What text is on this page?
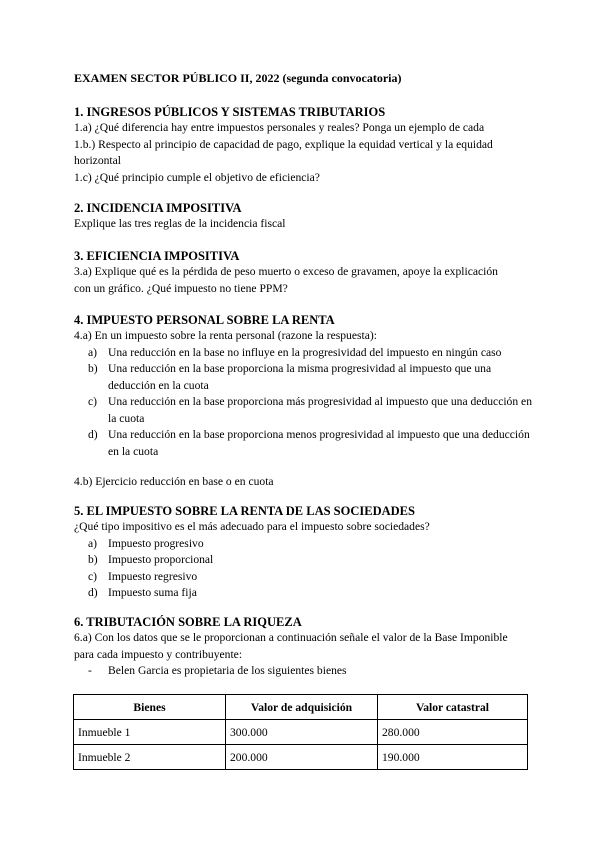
EXAMEN SECTOR PÚBLICO II, 2022 (segunda convocatoria)

1. INGRESOS PÚBLICOS Y SISTEMAS TRIBUTARIOS

1.a) ¿Qué diferencia hay entre impuestos personales y reales? Ponga un ejemplo de cada

1.b.) Respecto al principio de capacidad de pago, explique la equidad vertical y la equidad

horizontal

1.c) ¿Qué principio cumple el objetivo de eficiencia?

2. INCIDENCIA IMPOSITIVA

Explique las tres reglas de la incidencia fiscal

3. EFICIENCIA IMPOSITIVA

3.a) Explique qué es la pérdida de peso muerto o exceso de gravamen, apoye la explicación

con un gráfico. ¿Qué impuesto no tiene PPM?

4. IMPUESTO PERSONAL SOBRE LA RENTA

4.a) En un impuesto sobre la renta personal (razone la respuesta):

a) Una reducción en la base no influye en la progresividad del impuesto en ningún caso
b) Una reducción en la base proporciona la misma progresividad al impuesto que una deducción en la cuota
c) Una reducción en la base proporciona más progresividad al impuesto que una deducción en la cuota
d) Una reducción en la base proporciona menos progresividad al impuesto que una deducción en la cuota

4.b) Ejercicio reducción en base o en cuota

5. EL IMPUESTO SOBRE LA RENTA DE LAS SOCIEDADES

¿Qué tipo impositivo es el más adecuado para el impuesto sobre sociedades?

a) Impuesto progresivo
b) Impuesto proporcional
c) Impuesto regresivo
d) Impuesto suma fija

6. TRIBUTACIÓN SOBRE LA RIQUEZA

6.a) Con los datos que se le proporcionan a continuación señale el valor de la Base Imponible

para cada impuesto y contribuyente:

- Belen Garcia es propietaria de los siguientes bienes
Bienes	Valor de adquisición	Valor catastral
Inmueble 1	300.000	280.000
Inmueble 2	200.000	190.000
